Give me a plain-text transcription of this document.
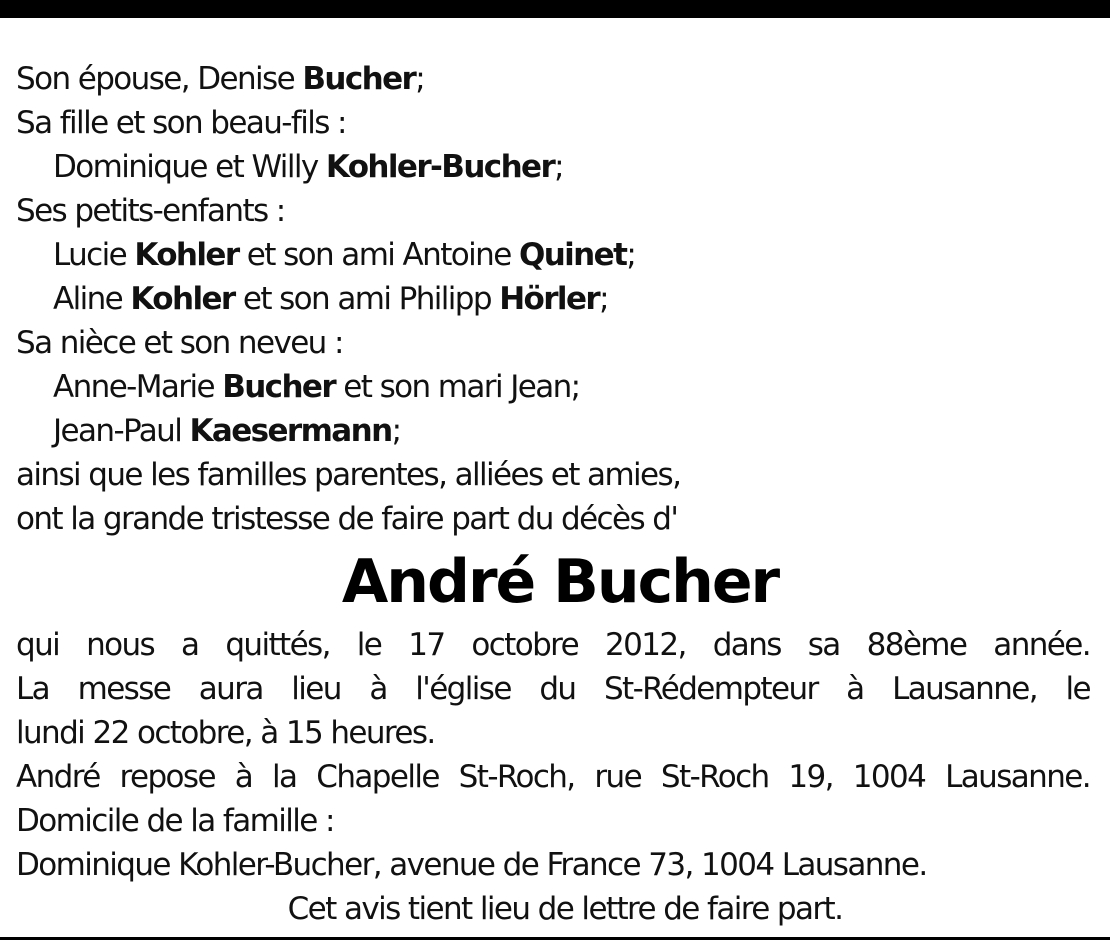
Son épouse, Denise Bucher;
Sa fille et son beau-fils :
Dominique et Willy Kohler-Bucher;
Ses petits-enfants :
Lucie Kohler et son ami Antoine Quinet;
Aline Kohler et son ami Philipp Hörler;
Sa nièce et son neveu :
Anne-Marie Bucher et son mari Jean;
Jean-Paul Kaesermann;
ainsi que les familles parentes, alliées et amies,
ont la grande tristesse de faire part du décès d'
André Bucher
qui nous a quittés, le 17 octobre 2012, dans sa 88ème année.
La messe aura lieu à l'église du St-Rédempteur à Lausanne, le
lundi 22 octobre, à 15 heures.
André repose à la Chapelle St-Roch, rue St-Roch 19, 1004 Lausanne.
Domicile de la famille :
Dominique Kohler-Bucher, avenue de France 73, 1004 Lausanne.
Cet avis tient lieu de lettre de faire part.
